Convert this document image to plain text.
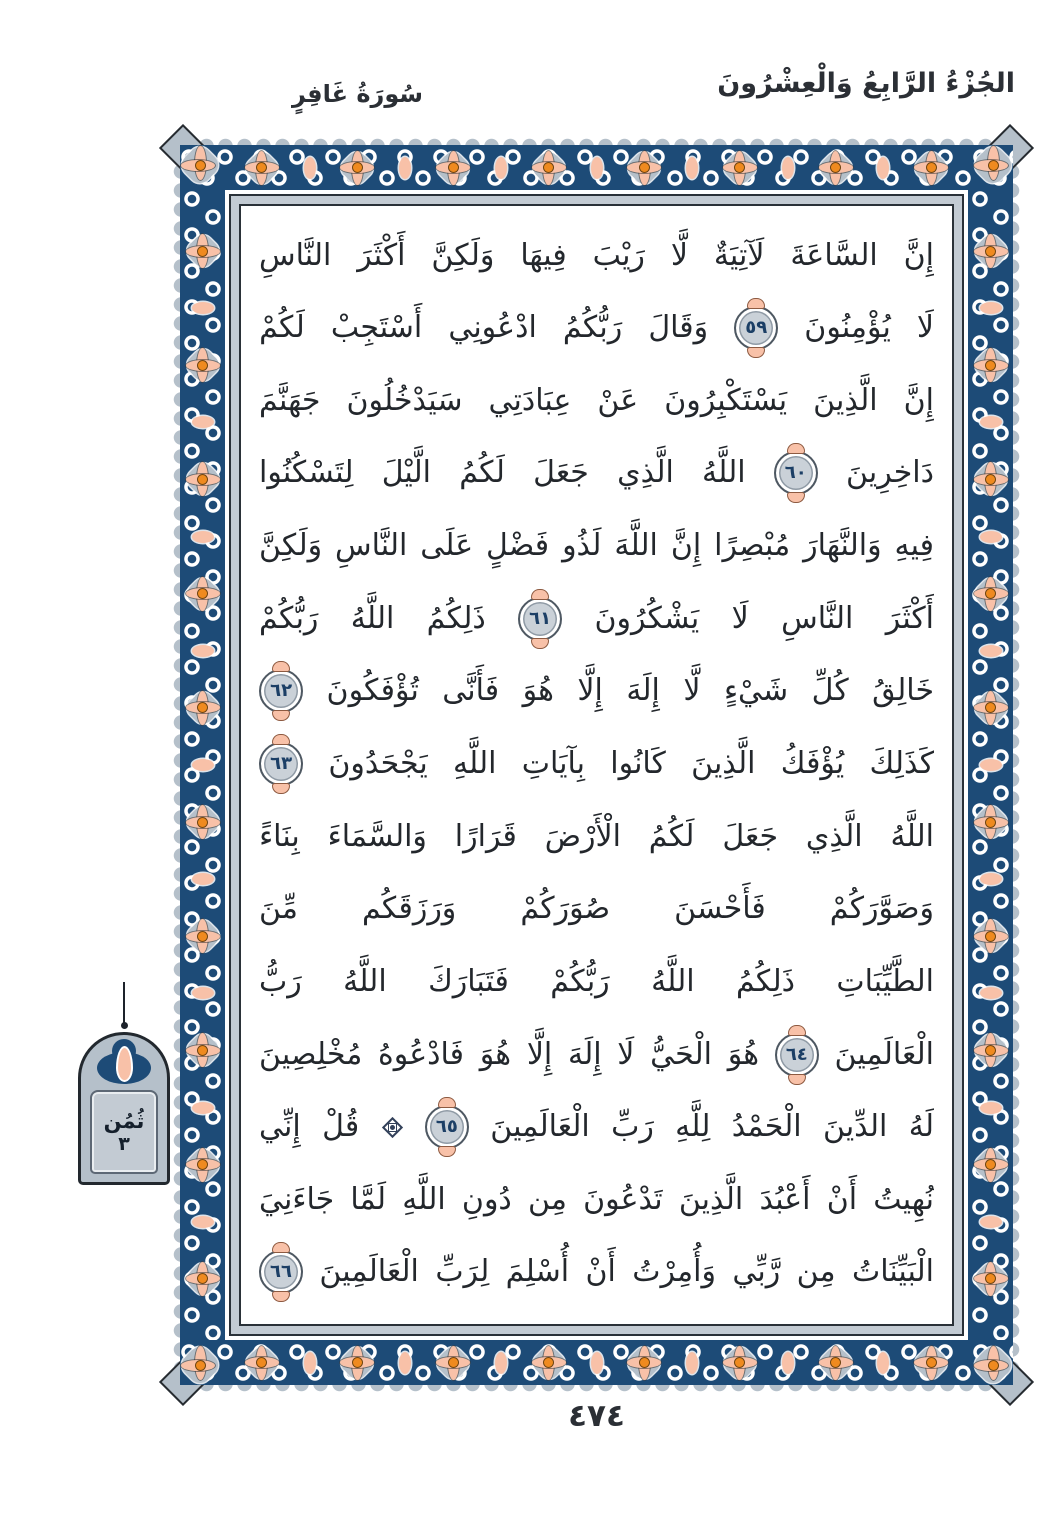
الجُزْءُ الرَّابِعُ وَالْعِشْرُونَ
سُورَةُ غَافِرٍ
إِنَّ
السَّاعَةَ
لَآتِيَةٌ
لَّا
رَيْبَ
فِيهَا
وَلَكِنَّ
أَكْثَرَ
النَّاسِ
لَا
يُؤْمِنُونَ
٥٩
وَقَالَ
رَبُّكُمُ
ادْعُونِي
أَسْتَجِبْ
لَكُمْ
إِنَّ
الَّذِينَ
يَسْتَكْبِرُونَ
عَنْ
عِبَادَتِي
سَيَدْخُلُونَ
جَهَنَّمَ
دَاخِرِينَ
٦٠
اللَّهُ
الَّذِي
جَعَلَ
لَكُمُ
الَّيْلَ
لِتَسْكُنُوا
فِيهِ
وَالنَّهَارَ
مُبْصِرًا
إِنَّ
اللَّهَ
لَذُو
فَضْلٍ
عَلَى
النَّاسِ
وَلَكِنَّ
أَكْثَرَ
النَّاسِ
لَا
يَشْكُرُونَ
٦١
ذَلِكُمُ
اللَّهُ
رَبُّكُمْ
خَالِقُ
كُلِّ
شَيْءٍ
لَّا
إِلَهَ
إِلَّا
هُوَ
فَأَنَّى
تُؤْفَكُونَ
٦٢
كَذَلِكَ
يُؤْفَكُ
الَّذِينَ
كَانُوا
بِآيَاتِ
اللَّهِ
يَجْحَدُونَ
٦٣
اللَّهُ
الَّذِي
جَعَلَ
لَكُمُ
الْأَرْضَ
قَرَارًا
وَالسَّمَاءَ
بِنَاءً
وَصَوَّرَكُمْ
فَأَحْسَنَ
صُوَرَكُمْ
وَرَزَقَكُم
مِّنَ
الطَّيِّبَاتِ
ذَلِكُمُ
اللَّهُ
رَبُّكُمْ
فَتَبَارَكَ
اللَّهُ
رَبُّ
الْعَالَمِينَ
٦٤
هُوَ
الْحَيُّ
لَا
إِلَهَ
إِلَّا
هُوَ
فَادْعُوهُ
مُخْلِصِينَ
لَهُ
الدِّينَ
الْحَمْدُ
لِلَّهِ
رَبِّ
الْعَالَمِينَ
٦٥
قُلْ
إِنِّي
نُهِيتُ
أَنْ
أَعْبُدَ
الَّذِينَ
تَدْعُونَ
مِن
دُونِ
اللَّهِ
لَمَّا
جَاءَنِيَ
الْبَيِّنَاتُ
مِن
رَّبِّي
وَأُمِرْتُ
أَنْ
أُسْلِمَ
لِرَبِّ
الْعَالَمِينَ
٦٦
ثُمُن
٣
٤٧٤
